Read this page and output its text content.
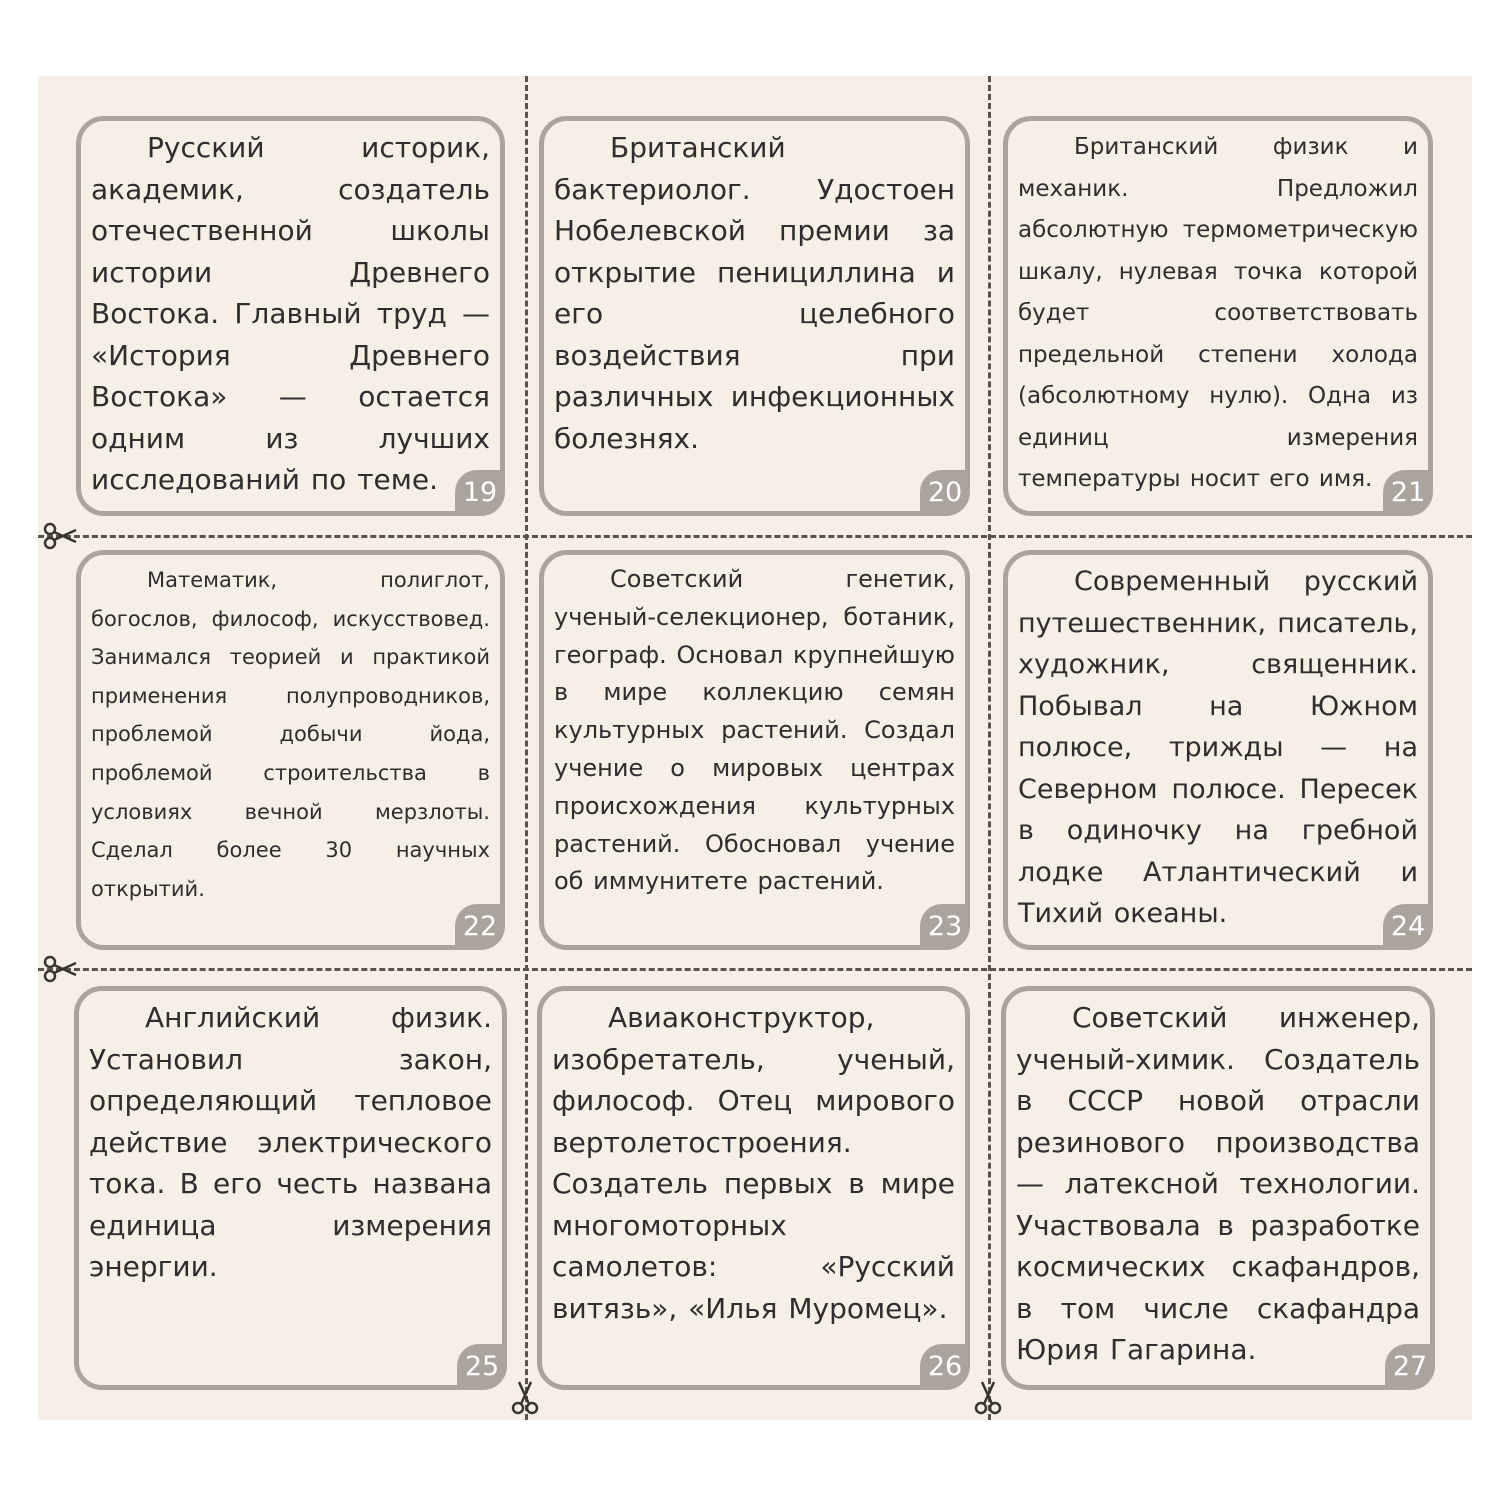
Русский историк, академик, создатель отечественной школы истории Древнего Востока. Главный труд — «История Древнего Востока» — остается одним из лучших исследований по теме. 19

Британский бактериолог. Удостоен Нобелевской премии за открытие пенициллина и его целебного воздействия при различных инфекционных болезнях.

20

Британский физик и механик. Предложил абсолютную термометрическую шкалу, нулевая точка которой будет соответствовать предельной степени холода (абсолютному нулю). Одна из единиц измерения температуры носит его имя. 21

Математик, полиглот, богослов, философ, искусствовед. Занимался теорией и практикой применения полупроводников, проблемой добычи йода, проблемой строительства в условиях вечной мерзлоты. Сделал более 30 научных открытий.

22

Советский генетик, ученый-селекционер, ботаник, географ. Основал крупнейшую в мире коллекцию семян культурных растений. Создал учение о мировых центрах происхождения культурных растений. Обосновал учение об иммунитете растений.

23

Современный русский путешественник, писатель, художник, священник. Побывал на Южном полюсе, трижды — на Северном полюсе. Пересек в одиночку на гребной лодке Атлантический и Тихий океаны.	24

Английский физик. Установил закон, определяющий тепловое действие электрического тока. В его честь названа единица измерения энергии.

25

Авиаконструктор, изобретатель, ученый, философ. Отец мирового вертолетостроения. Создатель первых в мире многомоторных самолетов: «Русский витязь», «Илья Муромец».

26

Советский инженер, ученый-химик. Создатель в СССР новой отрасли резинового производства — латексной технологии. Участвовала в разработке космических скафандров, в том числе скафандра Юрия Гагарина.

27
